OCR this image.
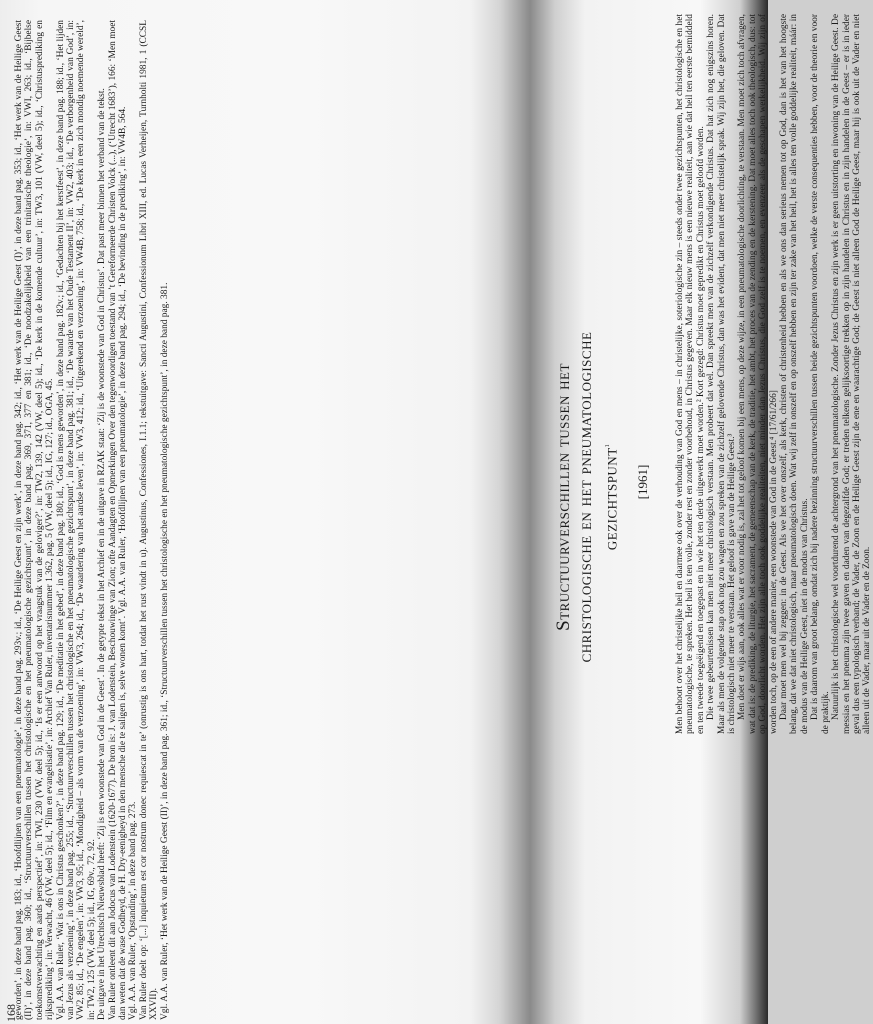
168

geworden’, in deze band pag. 183; id., ‘Hoofdlijnen van een pneumatologie’, in deze band pag. 293v.; id., ‘De Heilige Geest en zijn werk’, in deze band pag. 342; id., ‘Het werk van de Heilige Geest (I)’, in deze band pag. 353; id., ‘Het werk van de Heilige Geest (II)’, in deze band pag. 360; id., ‘Structuurverschillen tussen het christologische en het pneumatologische gezichtspunt’, in deze band pag. 369, 371, 377 en 381; id., ‘De noodzakelijkheid van een trinitarische theologie’, in: VWI, 263; id., ‘Bijbelse toekomstverwachting en aards perspectief’, in: TWI, 230 (VW, deel 5); id., ‘Is er een antwoord op het vraagstuk van de geloviger?’, in: TW2, 139, 142 (VW, deel 5); id., ‘De kerk in de komende cultuur’, in: TW3, 101 (VW, deel 5); id., ‘Christusprediking en rijksprediking’, in: Verwacht, 46 (VW, deel 5); id., ‘Film en evangelisatie’, in: Archief Van Ruler, inventarisnummer 1.362, pag. 5 (VW, deel 5); id., IG, 127; id., OGA, 45. Vgl. A.A. van Ruler, ‘Wat is ons in Christus geschonken?’, in deze band pag. 129; id., ‘De meditatie in het gebed’, in deze band pag. 180; id., ‘God is mens geworden’, in deze band pag. 182v.; id., ‘Gedachten bij het kerstfeest’, in deze band pag. 188; id., ‘Het lijden van Jezus als verzoening’, in deze band pag. 255; id., ‘Structuurverschillen tussen het christologische en het pneumatologische gezichtspunt’, in deze band pag. 381; id., ‘De waarde van het Oude Testament II’, in: VW2, 403; id., ‘De verborgenheid van God’, in: VW2, 85; id., ‘De engelen’, in: VW3, 95; id., ‘Mondigheid – als vorm van de verzoening’, in: VW3, 264; id., ‘De waardering van het aardse leven’, in: VW3, 412; id., ‘Uitgerekend en verzoening’, in: VW4B, 758; id., ‘De kerk in een zich mondig noemende wereld’, in: TW2, 125 (VW, deel 5); id., IG, 69v., 72, 92. De uitgave in het Utrechtsch Nieuwsblad heeft: ‘Zij is een woonstede van God in de Geest’. In de getypte tekst in het Archief en in de uitgave in RZAK staat: ‘Zij is de woonstede van God in Christus’. Dat past meer binnen het verband van de tekst. Van Ruler ontleent dit aan Jodocus van Lodenstein (1620-1677). De bron is: J. van Lodenstein, Beschouwinge van Zion; ofte Aandagten en Opmerkingen Over den tegenwoordigen toestand van ’t Gereformeerde Christen Volck (...), (‘Utrecht 1683’), 166: ‘Men moet dan weten dat de wase Godheyd, de H. Dry-eenigheyd in den mensche die te saligen is, selve wonen komt’. Vgl. A.A. van Ruler, ‘Hoofdlijnen van een pneumatologie’, in deze band pag. 294; id., ‘De bevinding in de prediking’, in: VW4B, 564. Vgl. A.A. van Ruler, ‘Opstanding’, in deze band pag. 273. Van Ruler doelt op: ‘[...] inquietum est cor nostrum donec requiescat in te’ (onrustig is ons hart, totdat het rust vindt in u). Augustinus, Confessiones, I.1.1; tekstuitgave: Sancti Augustini, Confessionum Libri XIII, ed. Lucas Verheijen, Turnholti 1981, 1 (CCSL XXVII). Vgl. A.A. van Ruler, ‘Het werk van de Heilige Geest (II)’, in deze band pag. 361; id., ‘Structuurverschillen tussen het christologische en het pneumatologische gezichtspunt’, in deze band pag. 381.	Structuurverschillen tussen het christologische en het pneumatologische gezichtspunt$^1$
[1961]	Men behoort over het christelijke heil en daarmee ook over de verhouding van God en mens – in christelijke, soteriologische zin – steeds onder twee gezichtspunten, het christologische en het pneumatologische, te spreken. Het heil is ten volle, zonder rest en zonder voorbehoud, in Christus gegeven. Maar elk nieuw mens is een nieuwe realiteit, aan wie dat heil ten eerste bemiddeld en ten tweede toegeëigend en toegepast en in wie het ten derde uitgewerkt moet worden.² Kort gezegd: Christus moet gepredikt en Christus moet geloofd worden. Die twee gebeurtenissen kan men niet meer christologisch verstaan. Men probeert dat wel. Dan spreekt men van de zichzelf verkondigende Christus. Dat hat zich nog enigszins horen. Maar als men de volgende stap ook nog zou wagen en zou spreken van de zichzelf gelovende Christus, dan was het evident, dat men niet meer christelijk sprak. Wij zijn het, die geloven. Dat is christologisch niet meer te verstaan. Het geloof is gave van de Heilige Geest.³ Men doet er wijs aan, ook alles wat er voor nodig is, zal het tot geloof komen bij een mens, op deze wijze, in een pneumatologische doorlichting, te verstaan. Men moet zich toch afvragen, wat dat is: de prediking, de liturgie, het sacrament, de gemeenschap van de kerk, de traditie, het ambt, het proces van de zending en de kerstening. Dat moet alles toch ook theologisch, dus: tot op God, doorlicht worden. Het zijn alle toch ook goddelijke realiteiten, niet minder dan Jezus Christus, die God zelf is te noemen, en evenzeer als de geschapen werkelijkheid. Wij zijn of worden toch, op de een of andere manier, een woonstede van God in de Geest.⁴ [17/61/266] Daar moet men wel bij zeggen: in de Geest. Als we het over onszelf, als kerk, christen of christenheid hebben en als we ons dan serieus nemen tot op God, dan is het van het hoogste belang, dat we dat niet christologisch, maar pneumatologisch doen. Wat wij zelf in onszelf en op onszelf hebben en zijn ter zake van het heil, het is alles ten volle goddelijke realiteit, máár: in de modus van de Heilige Geest, niet in de modus van Christus. Dat is daarom van groot belang, omdat zich bij nadere bezinning structuurverschillen tussen beide gezichtspunten voordoen, welke de verste consequenties hebben, voor de theorie en voor de praktijk. Natuurlijk is het christologische wel voortdurend de achtergrond van het pneumatologische. Zonder Jezus Christus en zijn werk is er geen uitstorting en inwoning van de Heilige Geest. De messias en het pneuma zijn twee gaven en daden van degezalfde God; er treden telkens gelijksoortige trekken op in zijn handelen in Christus en in zijn handelen in de Geest – er is in ieder geval dus een typologisch verband; de Vader, de Zoon en de Heilige Geest zijn de ene en waarachtige God; de Geest is niet alleen God de Heilige Geest, maar hij is ook uit de Vader en niet alleen uit de Vader, maar uit de Vader en de Zoon.
